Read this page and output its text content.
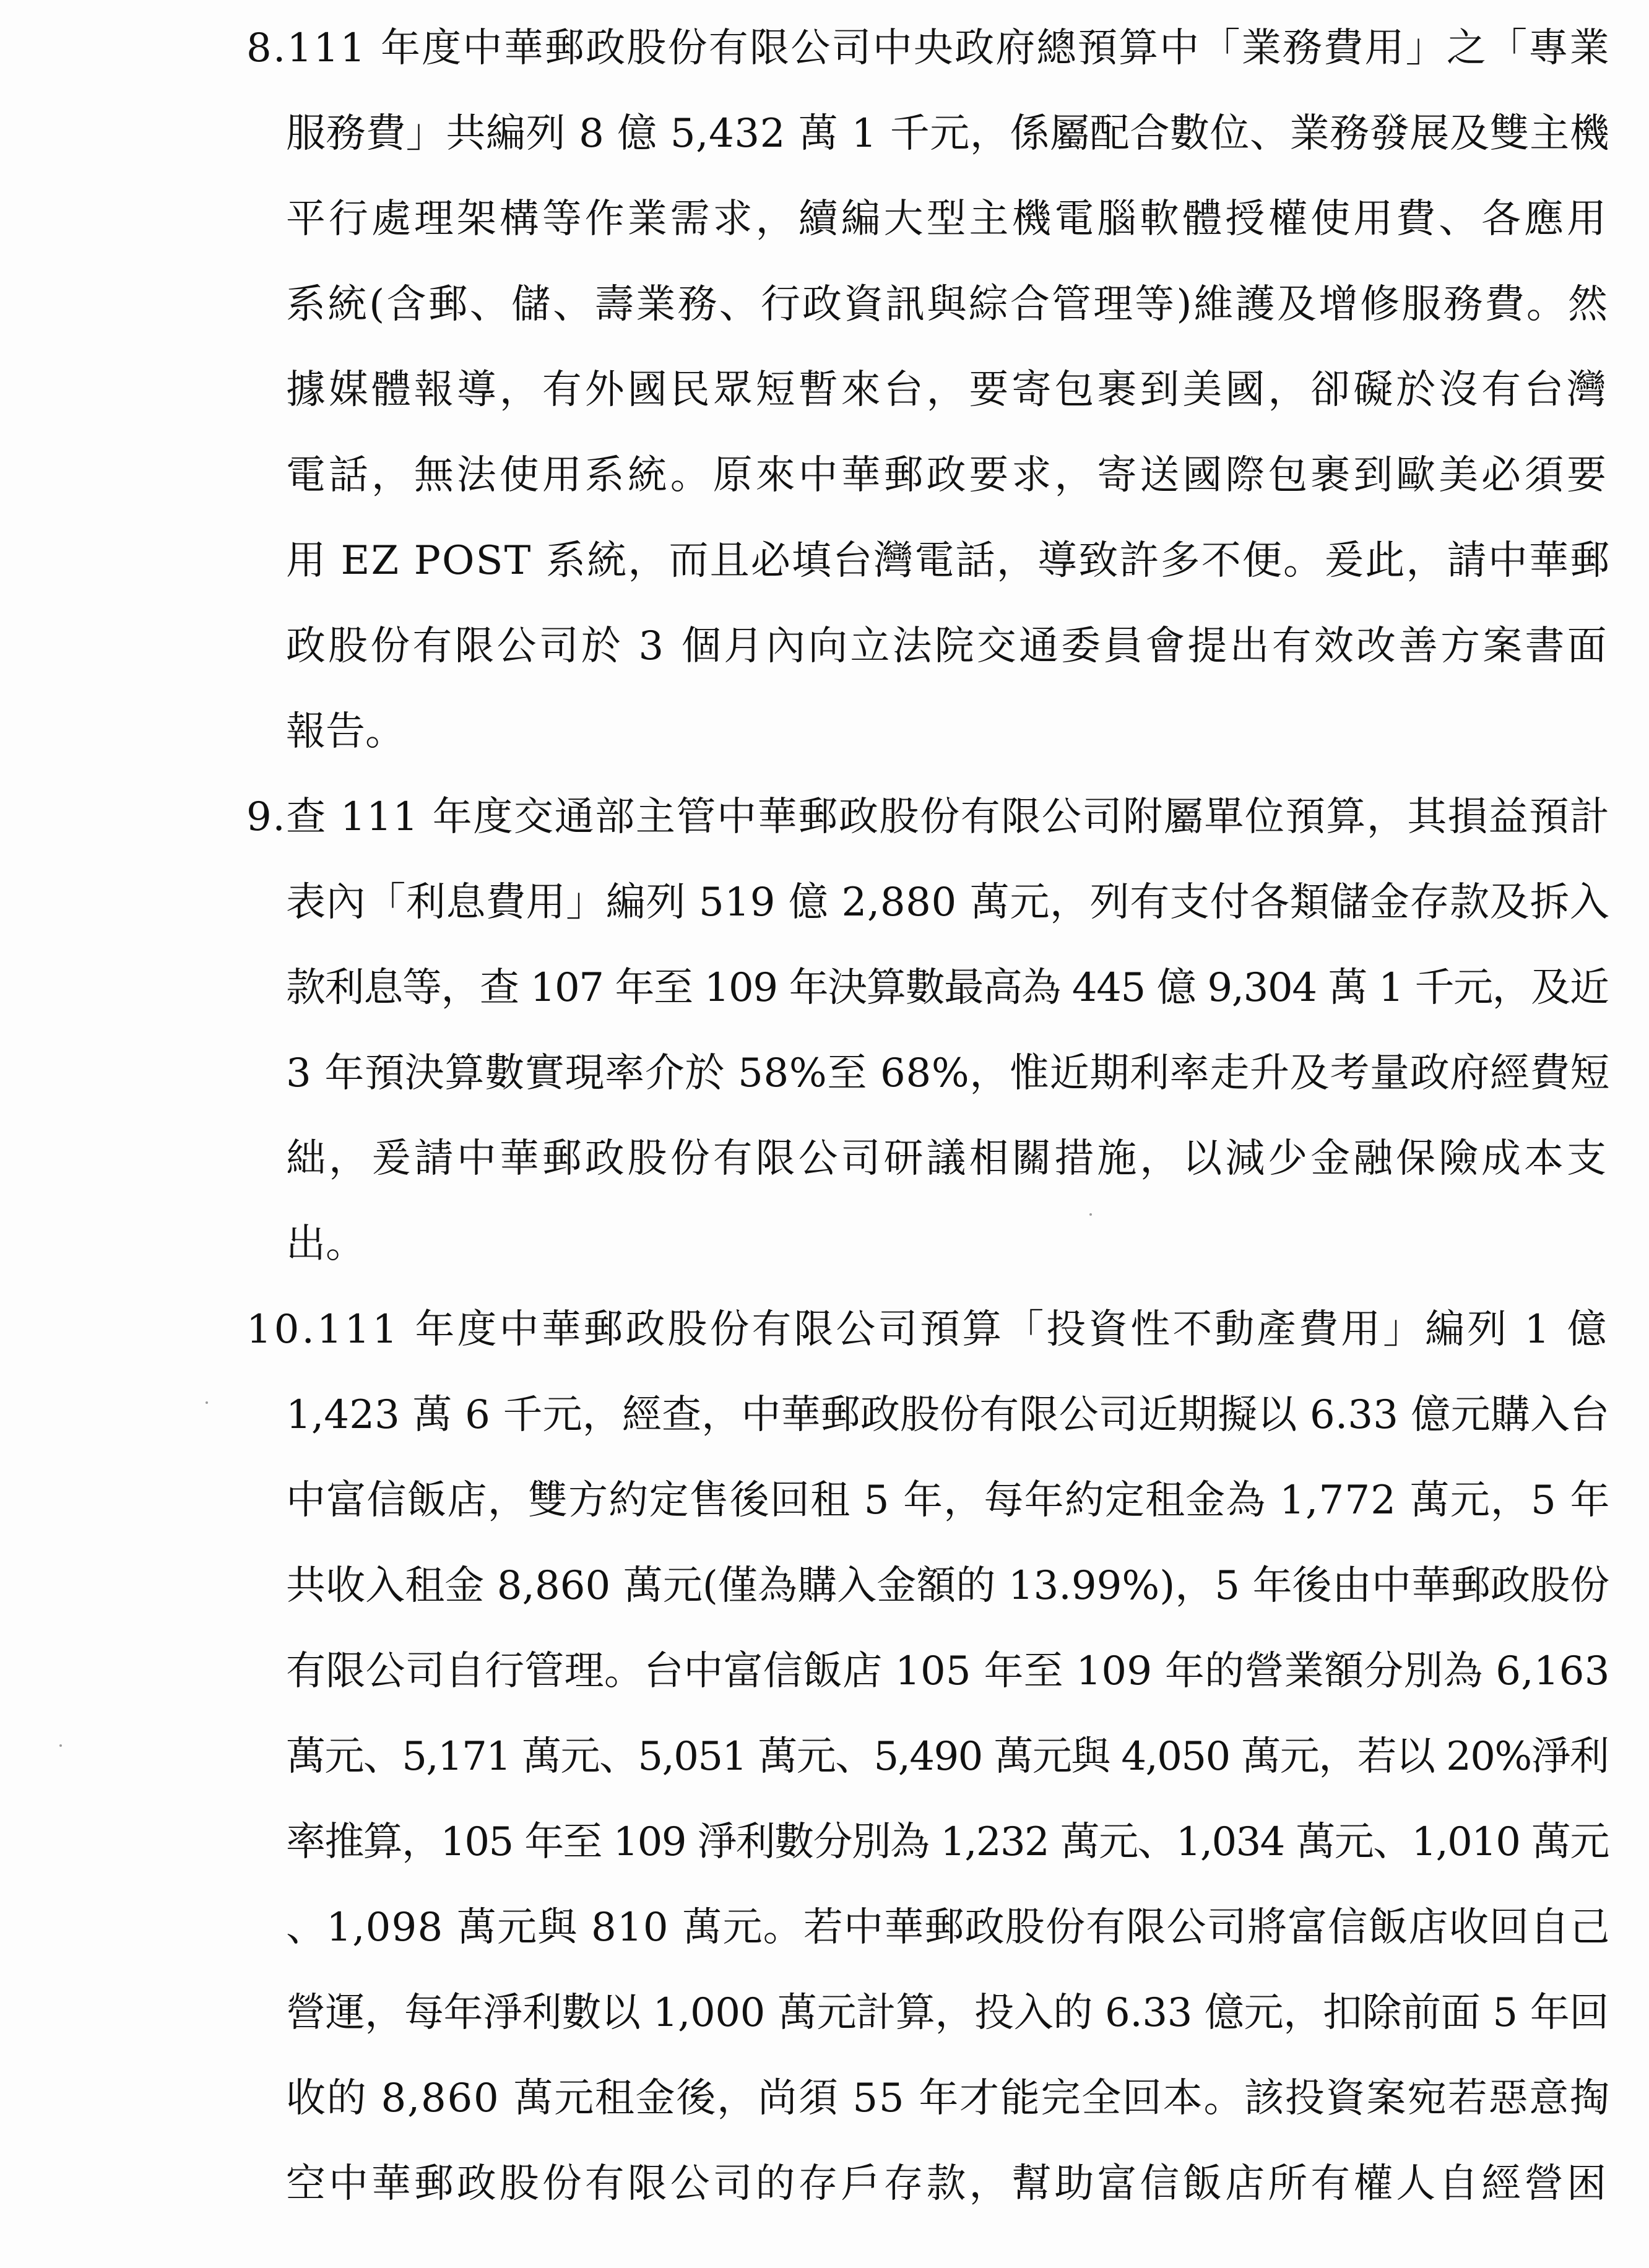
8.111 年度中華郵政股份有限公司中央政府總預算中「業務費用」之「專業
服務費」共編列 8 億 5,432 萬 1 千元，係屬配合數位、業務發展及雙主機
平行處理架構等作業需求，續編大型主機電腦軟體授權使用費、各應用
系統(含郵、儲、壽業務、行政資訊與綜合管理等)維護及增修服務費。然
據媒體報導，有外國民眾短暫來台，要寄包裹到美國，卻礙於沒有台灣
電話，無法使用系統。原來中華郵政要求，寄送國際包裹到歐美必須要
用 EZ POST 系統，而且必填台灣電話，導致許多不便。爰此，請中華郵
政股份有限公司於 3 個月內向立法院交通委員會提出有效改善方案書面
報告。
9.查 111 年度交通部主管中華郵政股份有限公司附屬單位預算，其損益預計
表內「利息費用」編列 519 億 2,880 萬元，列有支付各類儲金存款及拆入
款利息等，查 107 年至 109 年決算數最高為 445 億 9,304 萬 1 千元，及近
3 年預決算數實現率介於 58%至 68%，惟近期利率走升及考量政府經費短
絀，爰請中華郵政股份有限公司研議相關措施，以減少金融保險成本支
出。
10.111 年度中華郵政股份有限公司預算「投資性不動產費用」編列 1 億
1,423 萬 6 千元，經查，中華郵政股份有限公司近期擬以 6.33 億元購入台
中富信飯店，雙方約定售後回租 5 年，每年約定租金為 1,772 萬元，5 年
共收入租金 8,860 萬元(僅為購入金額的 13.99%)，5 年後由中華郵政股份
有限公司自行管理。台中富信飯店 105 年至 109 年的營業額分別為 6,163
萬元、5,171 萬元、5,051 萬元、5,490 萬元與 4,050 萬元，若以 20%淨利
率推算，105 年至 109 淨利數分別為 1,232 萬元、1,034 萬元、1,010 萬元
、1,098 萬元與 810 萬元。若中華郵政股份有限公司將富信飯店收回自己
營運，每年淨利數以 1,000 萬元計算，投入的 6.33 億元，扣除前面 5 年回
收的 8,860 萬元租金後，尚須 55 年才能完全回本。該投資案宛若惡意掏
空中華郵政股份有限公司的存戶存款，幫助富信飯店所有權人自經營困
